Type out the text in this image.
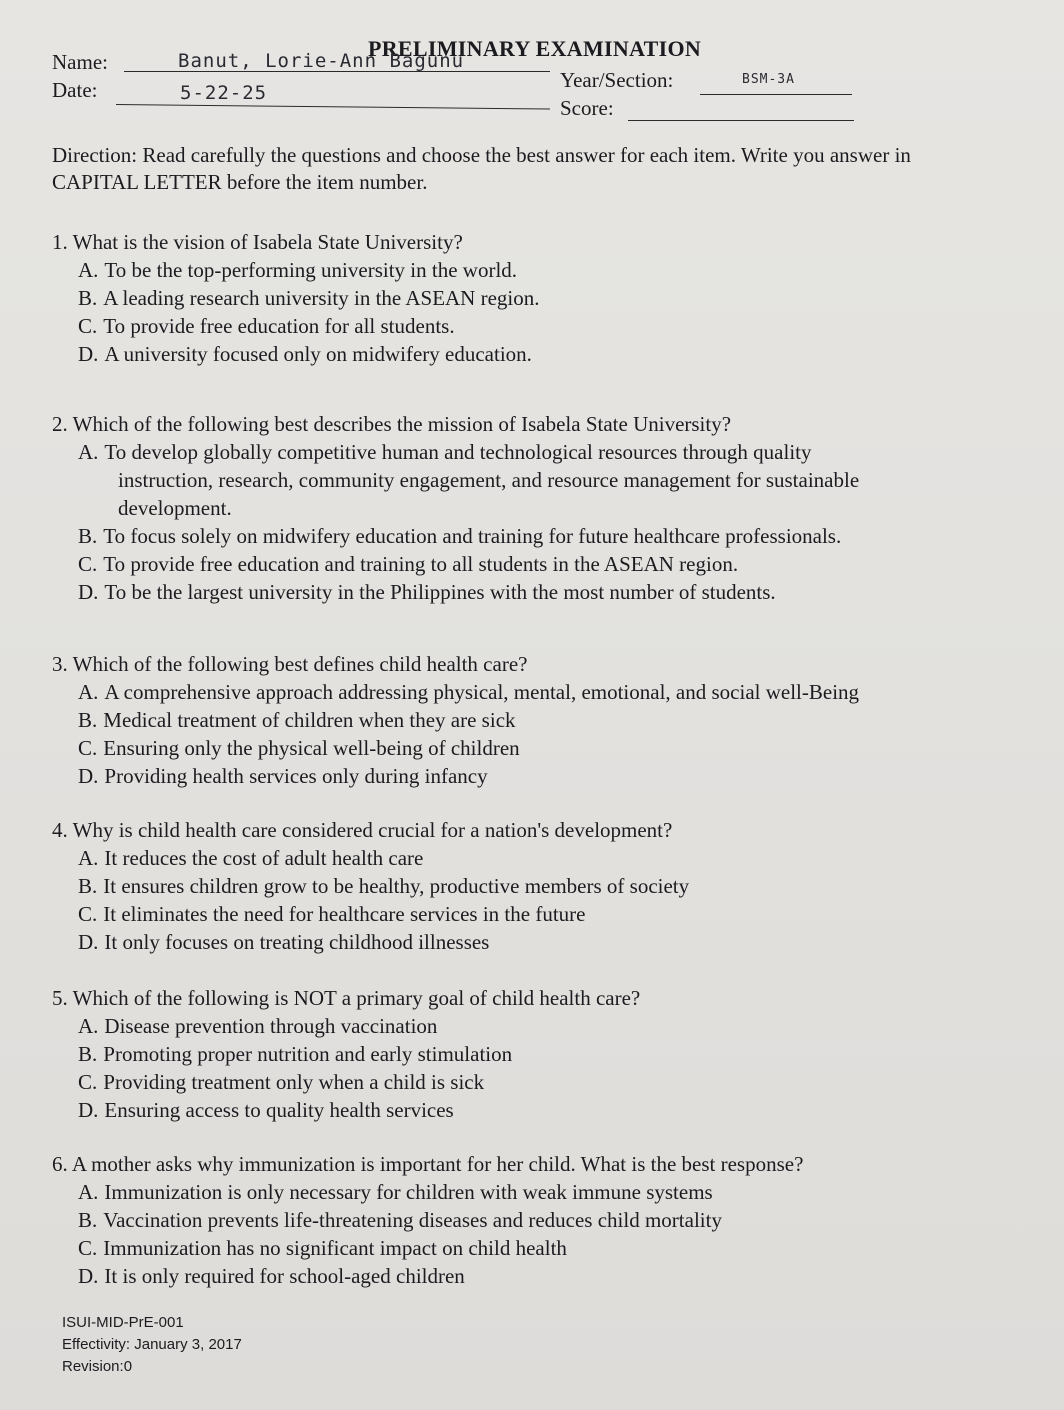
PRELIMINARY EXAMINATION
Name:	Banut, Lorie-Ann Bagunu
Year/Section:	BSM-3A
Date:	5-22-25
Score:
Direction: Read carefully the questions and choose the best answer for each item. Write you answer in CAPITAL LETTER before the item number.
1. What is the vision of Isabela State University?
A. To be the top-performing university in the world.
B. A leading research university in the ASEAN region.
C. To provide free education for all students.
D. A university focused only on midwifery education.
2. Which of the following best describes the mission of Isabela State University?
A. To develop globally competitive human and technological resources through quality
instruction, research, community engagement, and resource management for sustainable
development.
B. To focus solely on midwifery education and training for future healthcare professionals.
C. To provide free education and training to all students in the ASEAN region.
D. To be the largest university in the Philippines with the most number of students.
3. Which of the following best defines child health care?
A. A comprehensive approach addressing physical, mental, emotional, and social well-Being
B. Medical treatment of children when they are sick
C. Ensuring only the physical well-being of children
D. Providing health services only during infancy
4. Why is child health care considered crucial for a nation's development?
A. It reduces the cost of adult health care
B. It ensures children grow to be healthy, productive members of society
C. It eliminates the need for healthcare services in the future
D. It only focuses on treating childhood illnesses
5. Which of the following is NOT a primary goal of child health care?
A. Disease prevention through vaccination
B. Promoting proper nutrition and early stimulation
C. Providing treatment only when a child is sick
D. Ensuring access to quality health services
6. A mother asks why immunization is important for her child. What is the best response?
A. Immunization is only necessary for children with weak immune systems
B. Vaccination prevents life-threatening diseases and reduces child mortality
C. Immunization has no significant impact on child health
D. It is only required for school-aged children
ISUI-MID-PrE-001
Effectivity: January 3, 2017
Revision:0
